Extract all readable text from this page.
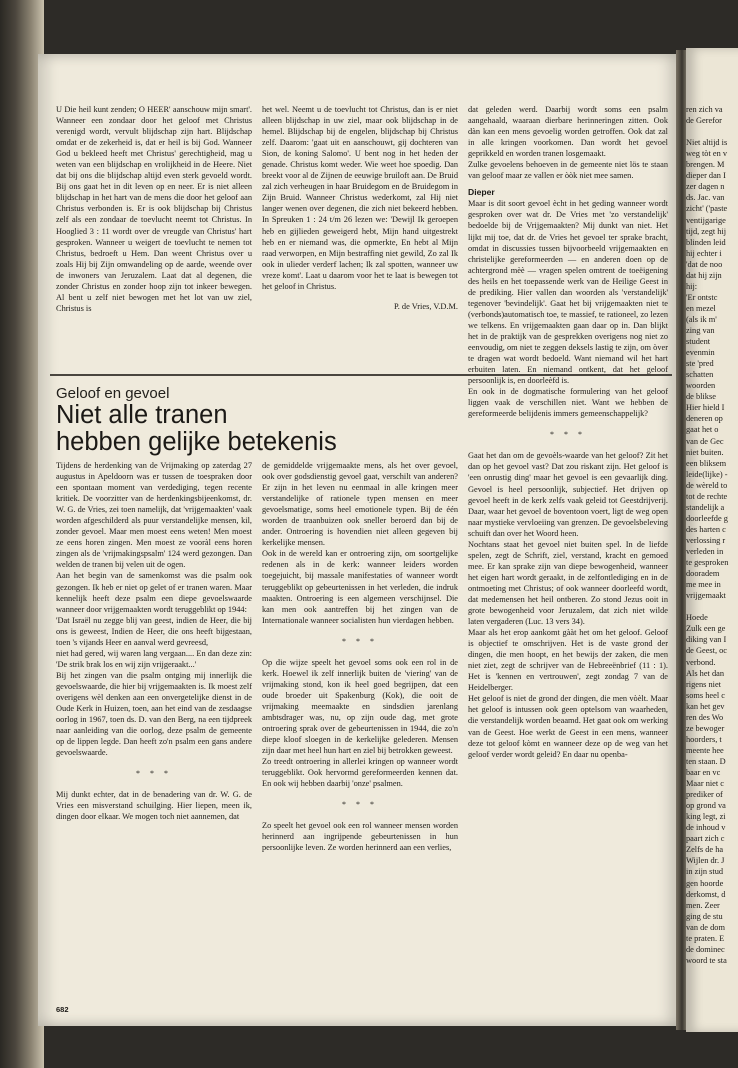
ren zich va
de Gerefor
Niet altijd is
weg tòt en v
brengen. M
dieper dan I
zer dagen n
ds. Jac. van
zicht' ('paste
ventijgarige
tijd, zegt hij
blinden leid
hij echter i
'dat de noo
dat hij zijn
hij:
'Er ontstc
en mezel
(als ik m'
zing van
student
evenmin
ste 'pred
schatten
woorden
de blikse
Hier hield I
deneren op
gaat het o
van de Gec
niet buiten.
een bliksem
leide(lijke) -
de wèreld to
tot de rechte
standelijk a
doorleefde g
des harten c
verlossing r
verleden in
te gesproken
dooradem
me mee in
vrijgemaakt
Hoede
Zulk een ge
diking van I
de Geest, oc
verbond.
Als het dan
rigens niet
soms heel c
kan het gev
ren des Wo
ze bewoger
hoorders, t
meente hee
ten staan. D
baar en vc
Maar niet c
prediker of
op grond va
king legt, zi
de inhoud v
paart zich c
Zelfs de ha
Wijlen dr. J
in zijn stud
gen hoorde
derkomst, d
men. Zeer
ging de stu
van de dom
te praten. E
de dominec
woord te sta

U Die heil kunt zenden; O HEER' aanschouw mijn smart'. Wanneer een zondaar door het geloof met Christus verenigd wordt, vervult blijdschap zijn hart. Blijdschap omdat er de zekerheid is, dat er heil is bij God. Wanneer God u bekleed heeft met Christus' gerechtigheid, mag u weten van een blijdschap en vrolijkheid in de Heere. Niet dat bij ons die blijdschap altijd even sterk gevoeld wordt. Bij ons gaat het in dit leven op en neer. Er is niet alleen blijdschap in het hart van de mens die door het geloof aan Christus verbonden is. Er is ook blijdschap bij Christus zelf als een zondaar de toevlucht neemt tot Christus. In Hooglied 3 : 11 wordt over de vreugde van Christus' hart gesproken. Wanneer u weigert de toevlucht te nemen tot Christus, bedroeft u Hem. Dan weent Christus over u zoals Hij bij Zijn omwandeling op de aarde, weende over de inwoners van Jeruzalem. Laat dat al degenen, die zonder Christus en zonder hoop zijn tot inkeer bewegen. Al bent u zelf niet bewogen met het lot van uw ziel, Christus is

het wel. Neemt u de toevlucht tot Christus, dan is er niet alleen blijdschap in uw ziel, maar ook blijdschap in de hemel. Blijdschap bij de engelen, blijdschap bij Christus zelf. Daarom: 'gaat uit en aanschouwt, gij dochteren van Sion, de koning Salomo'. U bent nog in het heden der genade. Christus komt weder. Wie weet hoe spoedig. Dan breekt voor al de Zijnen de eeuwige bruiloft aan. De Bruid zal zich verheugen in haar Bruidegom en de Bruidegom in Zijn Bruid. Wanneer Christus wederkomt, zal Hij niet langer wenen over degenen, die zich niet bekeerd hebben. In Spreuken 1 : 24 t/m 26 lezen we: 'Dewijl Ik geroepen heb en gijlieden geweigerd hebt, Mijn hand uitgestrekt heb en er niemand was, die opmerkte, En hebt al Mijn raad verworpen, en Mijn bestraffing niet gewild, Zo zal Ik ook in ulieder verderf lachen; Ik zal spotten, wanneer uw vreze komt'. Laat u daarom voor het te laat is bewegen tot het geloof in Christus.

P. de Vries, V.D.M.

dat geleden werd. Daarbij wordt soms een psalm aangehaald, waaraan dierbare herinneringen zitten. Ook dàn kan een mens gevoelig worden getroffen. Ook dat zal in alle kringen voorkomen. Dan wordt het gevoel geprikkeld en worden tranen losgemaakt.

Zulke gevoelens behoeven in de gemeente niet lös te staan van geloof maar ze vallen er òòk niet mee samen.

Dieper

Maar is dit soort gevoel ècht in het geding wanneer wordt gesproken over wat dr. De Vries met 'zo verstandelijk' bedoelde bij de Vrijgemaakten? Mij dunkt van niet. Het lijkt mij toe, dat dr. de Vries het gevoel ter sprake bracht, omdat in discussies tussen bijvoorbeeld vrijgemaakten en christelijke gereformeerden — en anderen doen op de achtergrond mèè — vragen spelen omtrent de toeëigening des heils en het toepassende werk van de Heilige Geest in de prediking. Hier vallen dan woorden als 'verstandelijk' tegenover 'bevindelijk'. Gaat het bij vrijgemaakten niet te (verbonds)automatisch toe, te massief, te rationeel, zo lezen we telkens. En vrijgemaakten gaan daar op in. Dan blijkt het in de praktijk van de gesprekken overigens nog niet zo eenvoudig, om niet te zeggen deksels lastig te zijn, om òver te dragen wat wordt bedoeld. Want niemand wil het hart erbuiten laten. En niemand ontkent, dat het geloof persoonlijk is, en doorleèfd is.

En ook in de dogmatische formulering van het geloof liggen vaak de verschillen niet. Want we hebben de gereformeerde belijdenis immers gemeenschappelijk?

* * *

Gaat het dan om de gevoèls-waarde van het geloof? Zit het dan op het gevoel vast? Dat zou riskant zijn. Het geloof is 'een onrustig ding' maar het gevoel is een gevaarlijk ding. Gevoel is heel persoonlijk, subjectief. Het drijven op gevoel heeft in de kerk zelfs vaak geleid tot Geestdrijverij. Daar, waar het gevoel de boventoon voert, ligt de weg open naar mystieke vervloeiing van grenzen. De gevoelsbeleving schuift dan over het Woord heen.

Nochtans staat het gevoel niet buiten spel. In de liefde spelen, zegt de Schrift, ziel, verstand, kracht en gemoed mee. Er kan sprake zijn van diepe bewogenheid, wanneer het eigen hart wordt geraakt, in de zelfontlediging en in de ontmoeting met Christus; of ook wanneer doorleefd wordt, dat medemensen het heil ontberen. Zo stond Jezus ooit in grote bewogenheid voor Jeruzalem, dat zich niet wilde laten vergaderen (Luc. 13 vers 34).

Maar als het erop aankomt gààt het om het geloof. Geloof is objectief te omschrijven. Het is de vaste grond der dingen, die men hoopt, en het bewijs der zaken, die men niet ziet, zegt de schrijver van de Hebreeënbrief (11 : 1). Het is 'kennen en vertrouwen', zegt zondag 7 van de Heidelberger.

Het geloof is niet de grond der dingen, die men vòèlt. Maar het geloof is intussen ook geen optelsom van waarheden, die verstandelijk worden beaamd. Het gaat ook om werking van de Geest. Hoe werkt de Geest in een mens, wanneer deze tot geloof kòmt en wanneer deze op de weg van het geloof verder wordt geleid? En daar nu openba-

Geloof en gevoel
Niet alle tranen
hebben gelijke betekenis

Tijdens de herdenking van de Vrijmaking op zaterdag 27 augustus in Apeldoorn was er tussen de toespraken door een spontaan moment van verdediging, tegen recente kritiek. De voorzitter van de herdenkingsbijeenkomst, dr. W. G. de Vries, zei toen namelijk, dat 'vrijgemaakten' vaak worden afgeschilderd als puur verstandelijke mensen, kil, zonder gevoel. Maar men moest eens weten! Men moest ze eens horen zingen. Men moest ze vooràl eens horen zingen als de 'vrijmakingspsalm' 124 werd gezongen. Dan welden de tranen bij velen uit de ogen.

Aan het begin van de samenkomst was die psalm ook gezongen. Ik heb er niet op gelet of er tranen waren. Maar kennelijk heeft deze psalm een diepe gevoelswaarde wanneer door vrijgemaakten wordt teruggeblikt op 1944:

'Dat Israël nu zegge blij van geest, indien de Heer, die bij ons is geweest, Indien de Heer, die ons heeft bijgestaan, toen 's vijands Heer en aanval werd gevreesd,

niet had gered, wij waren lang vergaan.... En dan deze zin: 'De strik brak los en wij zijn vrijgeraakt...'

Bij het zingen van die psalm ontging mij innerlijk die gevoelswaarde, die hier bij vrijgemaakten is. Ik moest zelf overigens wèl denken aan een onvergetelijke dienst in de Oude Kerk in Huizen, toen, aan het eind van de zesdaagse oorlog in 1967, toen ds. D. van den Berg, na een tijdpreek naar aanleiding van die oorlog, deze psalm de gemeente op de lippen legde. Dan heeft zo'n psalm een gans andere gevoelswaarde.

* * *

Mij dunkt echter, dat in de benadering van dr. W. G. de Vries een misverstand schuilging. Hier liepen, meen ik, dingen door elkaar. We mogen toch niet aannemen, dat

de gemiddelde vrijgemaakte mens, als het over gevoel, ook over godsdienstig gevoel gaat, verschilt van anderen? Er zijn in het leven nu eenmaal in alle kringen meer verstandelijke of rationele typen mensen en meer gevoelsmatige, soms heel emotionele typen. Bij de één worden de traanbuizen ook sneller beroerd dan bij de ander. Ontroering is hovendien niet alleen gegeven bij kerkelijke mensen.

Ook in de wereld kan er ontroering zijn, om soortgelijke redenen als in de kerk: wanneer leiders worden toegejuicht, bij massale manifestaties of wanneer wordt teruggeblikt op gebeurtenissen in het verleden, die indruk maakten. Ontroering is een algemeen verschijnsel. Die kan men ook aantreffen bij het zingen van de Internationale wanneer socialisten hun vierdagen hebben.

* * *

Op die wijze speelt het gevoel soms ook een rol in de kerk. Hoewel ik zelf innerlijk buiten de 'viering' van de vrijmaking stond, kon ik heel goed begrijpen, dat een oude broeder uit Spakenburg (Kok), die ooit de vrijmaking meemaakte en sindsdien jarenlang ambtsdrager was, nu, op zijn oude dag, met grote ontroering sprak over de gebeurtenissen in 1944, die zo'n diepe kloof sloegen in de kerkelijke gelederen. Mensen zijn daar met heel hun hart en ziel bij betrokken geweest.

Zo treedt ontroering in allerlei kringen op wanneer wordt teruggeblikt. Ook hervormd gereformeerden kennen dat. En ook wij hebben daarbij 'onze' psalmen.

* * *

Zo speelt het gevoel ook een rol wanneer mensen worden herinnerd aan ingrijpende gebeurtenissen in hun persoonlijke leven. Ze worden herinnerd aan een verlies,

682
